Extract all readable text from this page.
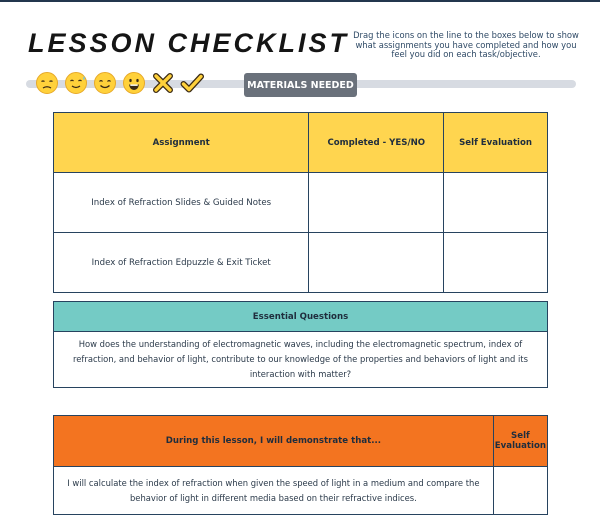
LESSON CHECKLIST Drag the icons on the line to the boxes below to show what assignments you have completed and how you feel you did on each task/objective.
MATERIALS NEEDED
Assignment	Completed - YES/NO	Self Evaluation
Index of Refraction Slides & Guided Notes		
Index of Refraction Edpuzzle & Exit Ticket		
Essential Questions
How does the understanding of electromagnetic waves, including the electromagnetic spectrum, index of refraction, and behavior of light, contribute to our knowledge of the properties and behaviors of light and its interaction with matter?
During this lesson, I will demonstrate that...	Self Evaluation
I will calculate the index of refraction when given the speed of light in a medium and compare the behavior of light in different media based on their refractive indices.	
